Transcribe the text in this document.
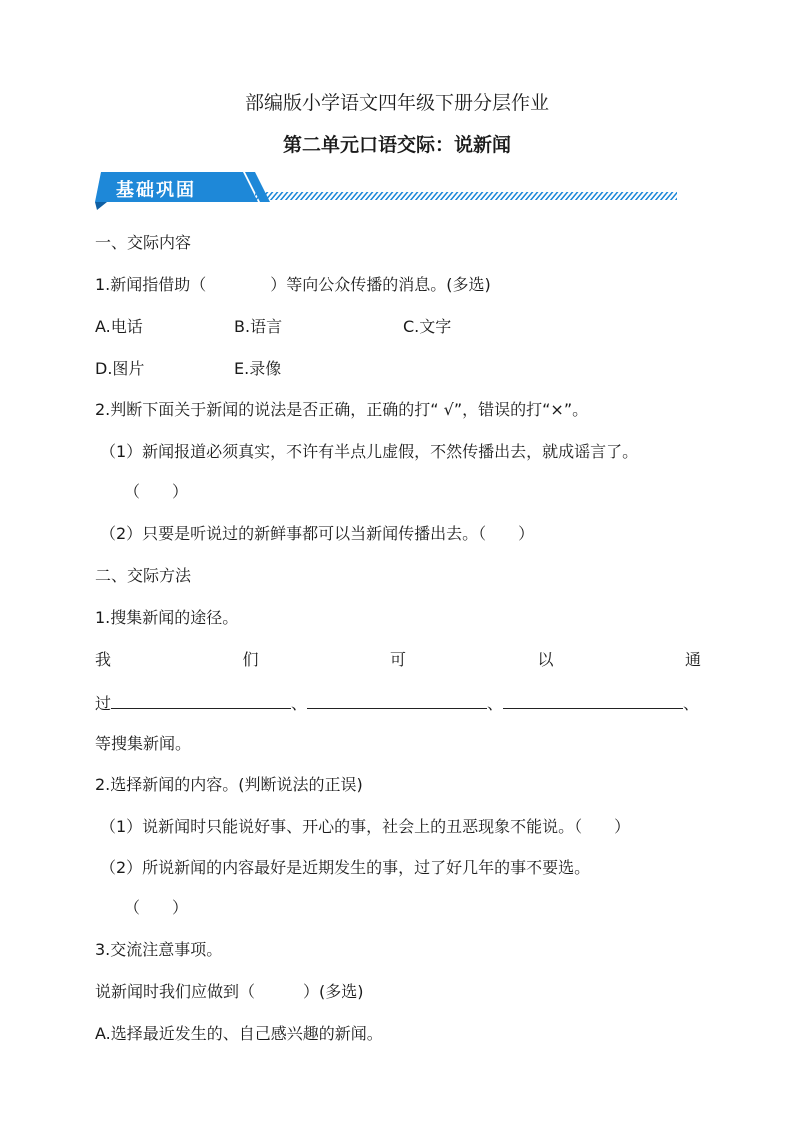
部编版小学语文四年级下册分层作业
第二单元口语交际：说新闻
基础巩固
一、交际内容
1.新闻指借助（　　　　）等向公众传播的消息。(多选)
A.电话	B.语言	C.文字
D.图片	E.录像
2.判断下面关于新闻的说法是否正确，正确的打“ √”，错误的打“×”。
（1）新闻报道必须真实，不许有半点儿虚假，不然传播出去，就成谣言了。
（　　）
（2）只要是听说过的新鲜事都可以当新闻传播出去。（　　）
二、交际方法
1.搜集新闻的途径。
我	们	可	以	通
过	、	、	、
等搜集新闻。
2.选择新闻的内容。(判断说法的正误)
（1）说新闻时只能说好事、开心的事，社会上的丑恶现象不能说。（　　）
（2）所说新闻的内容最好是近期发生的事，过了好几年的事不要选。
（　　）
3.交流注意事项。
说新闻时我们应做到（　　　）(多选)
A.选择最近发生的、自己感兴趣的新闻。
